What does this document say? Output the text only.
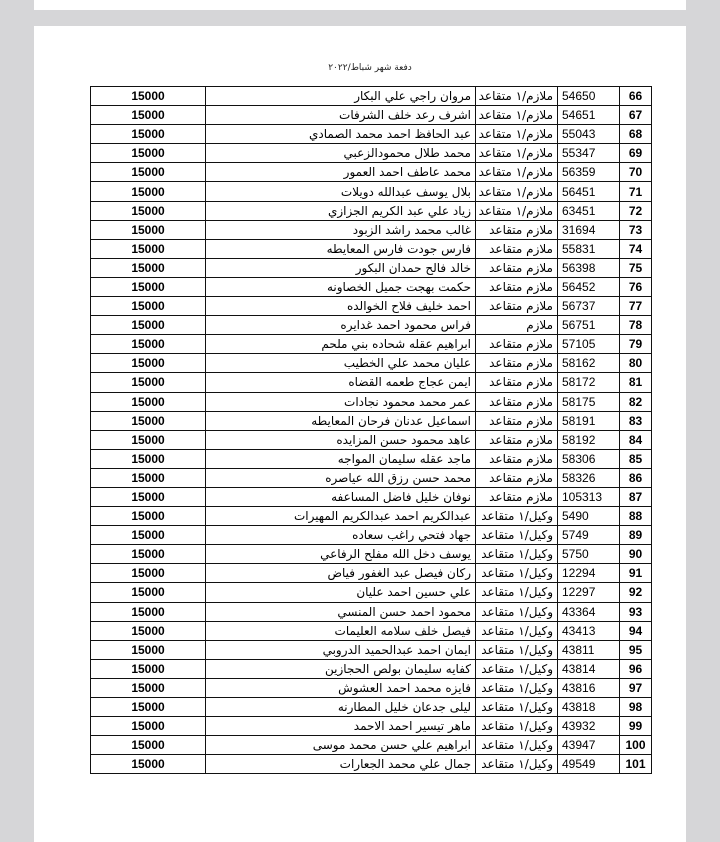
دفعة شهر شباط/٢٠٢٢
66	54650	ملازم/١ متقاعد	مروان راجي علي البكار	15000
67	54651	ملازم/١ متقاعد	اشرف رعد خلف الشرفات	15000
68	55043	ملازم/١ متقاعد	عبد الحافظ احمد محمد الصمادي	15000
69	55347	ملازم/١ متقاعد	محمد طلال محمودالزعبي	15000
70	56359	ملازم/١ متقاعد	محمد عاطف احمد العمور	15000
71	56451	ملازم/١ متقاعد	بلال يوسف عبدالله دويلات	15000
72	63451	ملازم/١ متقاعد	زياد علي عبد الكريم الجزازي	15000
73	31694	ملازم متقاعد	غالب محمد راشد الزبود	15000
74	55831	ملازم متقاعد	فارس جودت فارس المعايطه	15000
75	56398	ملازم متقاعد	خالد فالح حمدان البكور	15000
76	56452	ملازم متقاعد	حكمت بهجت جميل الخصاونه	15000
77	56737	ملازم متقاعد	احمد خليف فلاح الخوالده	15000
78	56751	ملازم	فراس محمود احمد غدايره	15000
79	57105	ملازم متقاعد	ابراهيم عقله شحاده بني ملحم	15000
80	58162	ملازم متقاعد	عليان محمد علي الخطيب	15000
81	58172	ملازم متقاعد	ايمن عجاج طعمه القضاه	15000
82	58175	ملازم متقاعد	عمر محمد محمود نجادات	15000
83	58191	ملازم متقاعد	اسماعيل عدنان فرحان المعايطه	15000
84	58192	ملازم متقاعد	عاهد محمود حسن المزايده	15000
85	58306	ملازم متقاعد	ماجد عقله سليمان المواجه	15000
86	58326	ملازم متقاعد	محمد حسن رزق الله عياصره	15000
87	105313	ملازم متقاعد	نوفان خليل فاضل المساعفه	15000
88	5490	وكيل/١ متقاعد	عبدالكريم احمد عبدالكريم المهيرات	15000
89	5749	وكيل/١ متقاعد	جهاد فتحي راغب سعاده	15000
90	5750	وكيل/١ متقاعد	يوسف دخل الله مفلح الرفاعي	15000
91	12294	وكيل/١ متقاعد	ركان فيصل عبد الغفور فياض	15000
92	12297	وكيل/١ متقاعد	علي حسين احمد عليان	15000
93	43364	وكيل/١ متقاعد	محمود احمد حسن المنسي	15000
94	43413	وكيل/١ متقاعد	فيصل خلف سلامه العليمات	15000
95	43811	وكيل/١ متقاعد	ايمان احمد عبدالحميد الدروبي	15000
96	43814	وكيل/١ متقاعد	كفايه سليمان بولص الحجازين	15000
97	43816	وكيل/١ متقاعد	فايزه محمد احمد العشوش	15000
98	43818	وكيل/١ متقاعد	ليلى جدعان خليل المطارنه	15000
99	43932	وكيل/١ متقاعد	ماهر تيسير احمد الاحمد	15000
100	43947	وكيل/١ متقاعد	ابراهيم علي حسن محمد موسى	15000
101	49549	وكيل/١ متقاعد	جمال علي محمد الجعارات	15000
